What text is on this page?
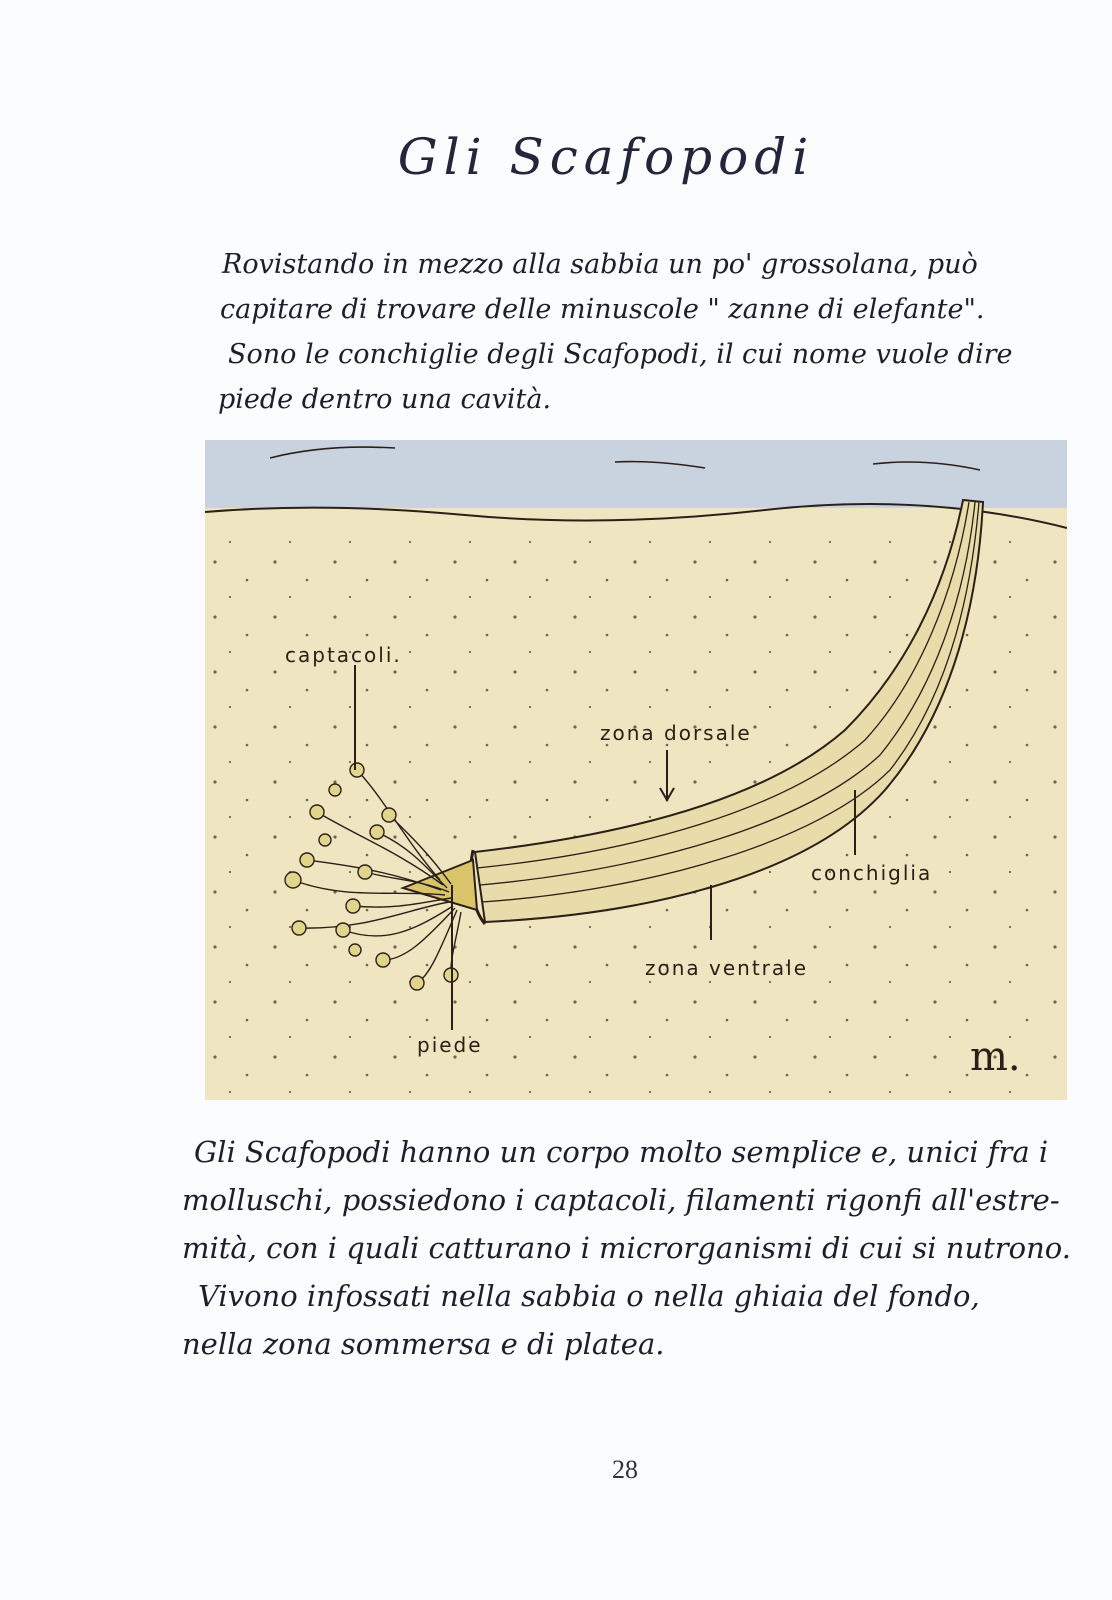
Gli Scafopodi

Rovistando in mezzo alla sabbia un po' grossolana, può
capitare di trovare delle minuscole " zanne di elefante".
Sono le conchiglie degli Scafopodi, il cui nome vuole dire
piede dentro una cavità.

captacoli.
zona dorsale
conchiglia
zona ventrale
piede	m.

Gli Scafopodi hanno un corpo molto semplice e, unici fra i
molluschi, possiedono i captacoli, filamenti rigonfi all'estre-
mità, con i quali catturano i microrganismi di cui si nutrono.
Vivono infossati nella sabbia o nella ghiaia del fondo,
nella zona sommersa e di platea.

28
